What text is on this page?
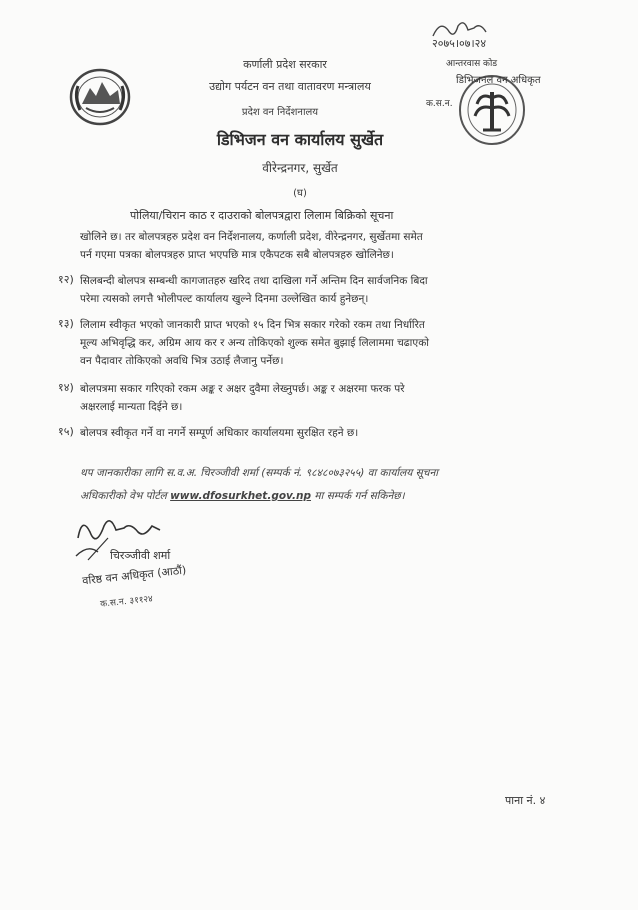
२०७५।०७।२४
आन्तरवास कोड
डिभिजनल वन अधिकृत
क.स.न.
कर्णाली प्रदेश सरकार
उद्योग पर्यटन वन तथा वातावरण मन्त्रालय
प्रदेश वन निर्देशनालय
डिभिजन वन कार्यालय सुर्खेत
वीरेन्द्रनगर, सुर्खेत
(घ)
पोलिया/चिरान काठ र दाउराको बोलपत्रद्वारा लिलाम बिक्रिको सूचना
खोलिने छ। तर बोलपत्रहरु प्रदेश वन निर्देशनालय, कर्णाली प्रदेश, वीरेन्द्रनगर, सुर्खेतमा समेत
पर्न गएमा पत्रका बोलपत्रहरु प्राप्त भएपछि मात्र एकैपटक सबै बोलपत्रहरु खोलिनेछ।
१२) सिलबन्दी बोलपत्र सम्बन्धी कागजातहरु खरिद तथा दाखिला गर्ने अन्तिम दिन सार्वजनिक बिदा
परेमा त्यसको लगत्तै भोलीपल्ट कार्यालय खुल्ने दिनमा उल्लेखित कार्य हुनेछन्।
१३) लिलाम स्वीकृत भएको जानकारी प्राप्त भएको १५ दिन भित्र सकार गरेको रकम तथा निर्धारित
मूल्य अभिवृद्धि कर, अग्रिम आय कर र अन्य तोकिएको शुल्क समेत बुझाई लिलाममा चढाएको
वन पैदावार तोकिएको अवधि भित्र उठाई लैजानु पर्नेछ।
१४) बोलपत्रमा सकार गरिएको रकम अङ्क र अक्षर दुवैमा लेख्नुपर्छ। अङ्क र अक्षरमा फरक परे
अक्षरलाई मान्यता दिईने छ।
१५) बोलपत्र स्वीकृत गर्ने वा नगर्ने सम्पूर्ण अधिकार कार्यालयमा सुरक्षित रहने छ।
थप जानकारीका लागि स.व.अ. चिरञ्जीवी शर्मा (सम्पर्क नं. ९८४८०७३२५५) वा कार्यालय सूचना
अधिकारीको वेभ पोर्टल www.dfosurkhet.gov.np मा सम्पर्क गर्न सकिनेछ।
चिरञ्जीवी शर्मा
वरिष्ठ वन अधिकृत (आठौं)
क.स.न. ३११२४
पाना नं. ४
